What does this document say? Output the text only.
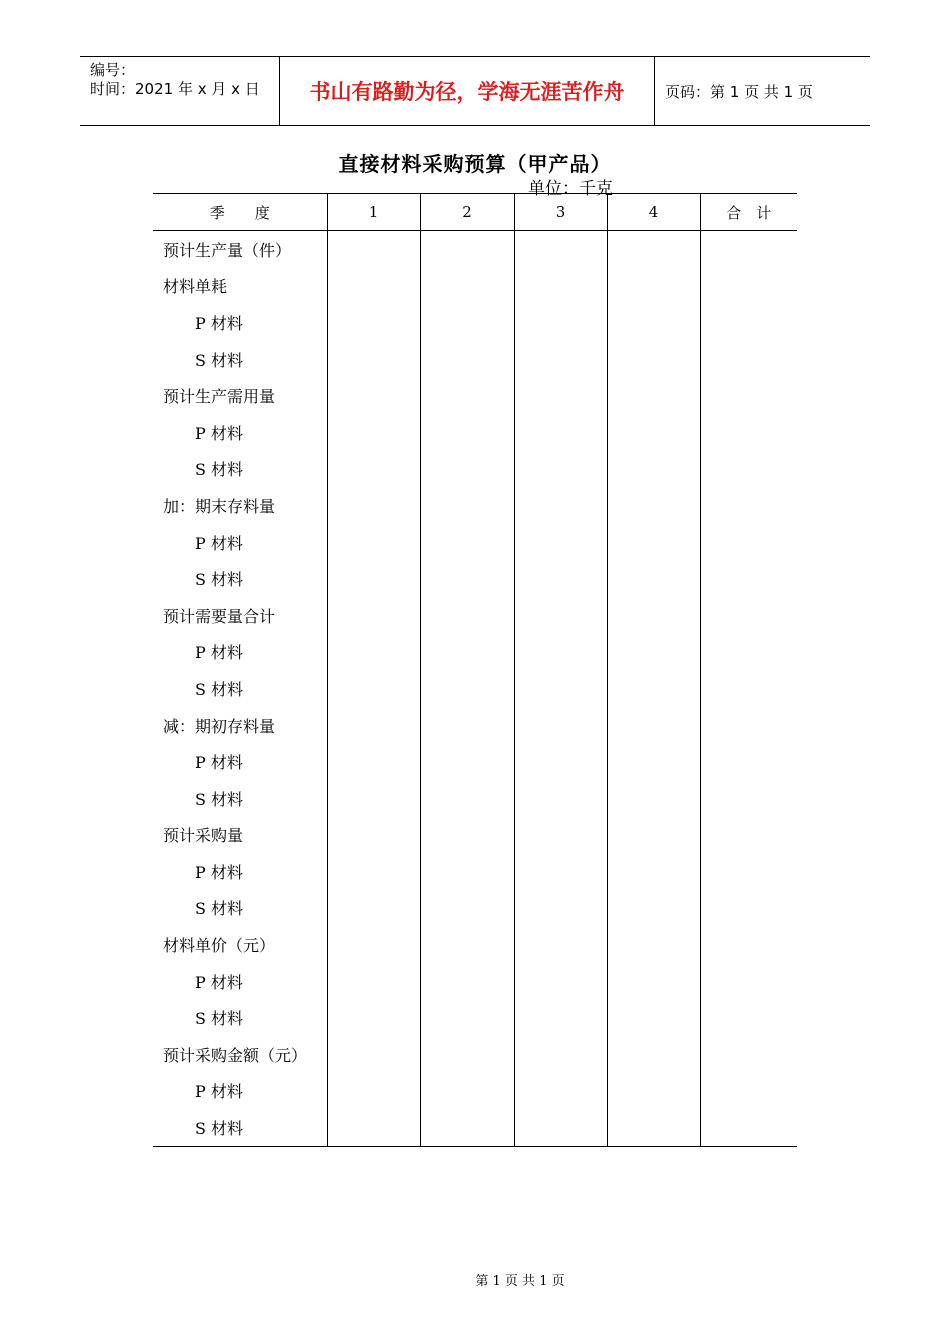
编号：
时间：2021 年 x 月 x 日	书山有路勤为径，学海无涯苦作舟	页码：第 1 页 共 1 页
直接材料采购预算（甲产品）
单位：千克
季　　度	1	2	3	4	合　计
预计生产量（件）					
材料单耗					
P 材料					
S 材料					
预计生产需用量					
P 材料					
S 材料					
加：期末存料量					
P 材料					
S 材料					
预计需要量合计					
P 材料					
S 材料					
减：期初存料量					
P 材料					
S 材料					
预计采购量					
P 材料					
S 材料					
材料单价（元）					
P 材料					
S 材料					
预计采购金额（元）					
P 材料					
S 材料					
第 1 页 共 1 页
